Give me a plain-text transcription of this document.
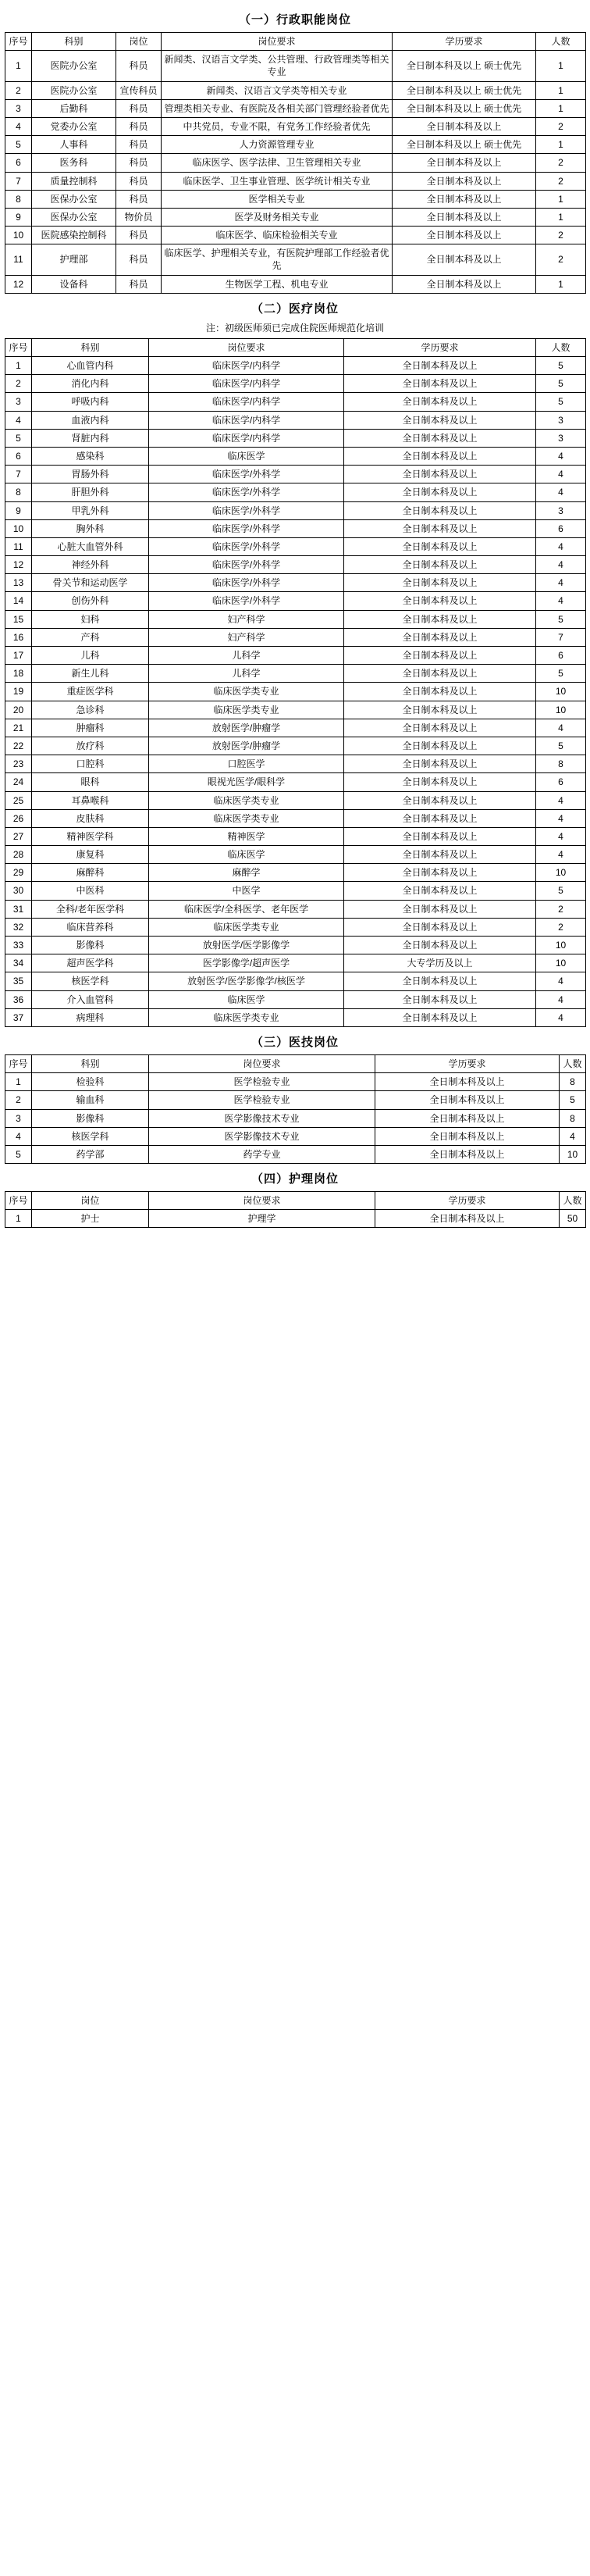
（一）行政职能岗位
序号	科别	岗位	岗位要求	学历要求	人数
1	医院办公室	科员	新闻类、汉语言文学类、公共管理、行政管理类等相关专业	全日制本科及以上 硕士优先	1
2	医院办公室	宣传科员	新闻类、汉语言文学类等相关专业	全日制本科及以上 硕士优先	1
3	后勤科	科员	管理类相关专业、有医院及各相关部门管理经验者优先	全日制本科及以上 硕士优先	1
4	党委办公室	科员	中共党员，专业不限，有党务工作经验者优先	全日制本科及以上	2
5	人事科	科员	人力资源管理专业	全日制本科及以上 硕士优先	1
6	医务科	科员	临床医学、医学法律、卫生管理相关专业	全日制本科及以上	2
7	质量控制科	科员	临床医学、卫生事业管理、医学统计相关专业	全日制本科及以上	2
8	医保办公室	科员	医学相关专业	全日制本科及以上	1
9	医保办公室	物价员	医学及财务相关专业	全日制本科及以上	1
10	医院感染控制科	科员	临床医学、临床检验相关专业	全日制本科及以上	2
11	护理部	科员	临床医学、护理相关专业，有医院护理部工作经验者优先	全日制本科及以上	2
12	设备科	科员	生物医学工程、机电专业	全日制本科及以上	1
（二）医疗岗位
注：初级医师须已完成住院医师规范化培训
序号	科别	岗位要求	学历要求	人数
1	心血管内科	临床医学/内科学	全日制本科及以上	5
2	消化内科	临床医学/内科学	全日制本科及以上	5
3	呼吸内科	临床医学/内科学	全日制本科及以上	5
4	血液内科	临床医学/内科学	全日制本科及以上	3
5	肾脏内科	临床医学/内科学	全日制本科及以上	3
6	感染科	临床医学	全日制本科及以上	4
7	胃肠外科	临床医学/外科学	全日制本科及以上	4
8	肝胆外科	临床医学/外科学	全日制本科及以上	4
9	甲乳外科	临床医学/外科学	全日制本科及以上	3
10	胸外科	临床医学/外科学	全日制本科及以上	6
11	心脏大血管外科	临床医学/外科学	全日制本科及以上	4
12	神经外科	临床医学/外科学	全日制本科及以上	4
13	骨关节和运动医学	临床医学/外科学	全日制本科及以上	4
14	创伤外科	临床医学/外科学	全日制本科及以上	4
15	妇科	妇产科学	全日制本科及以上	5
16	产科	妇产科学	全日制本科及以上	7
17	儿科	儿科学	全日制本科及以上	6
18	新生儿科	儿科学	全日制本科及以上	5
19	重症医学科	临床医学类专业	全日制本科及以上	10
20	急诊科	临床医学类专业	全日制本科及以上	10
21	肿瘤科	放射医学/肿瘤学	全日制本科及以上	4
22	放疗科	放射医学/肿瘤学	全日制本科及以上	5
23	口腔科	口腔医学	全日制本科及以上	8
24	眼科	眼视光医学/眼科学	全日制本科及以上	6
25	耳鼻喉科	临床医学类专业	全日制本科及以上	4
26	皮肤科	临床医学类专业	全日制本科及以上	4
27	精神医学科	精神医学	全日制本科及以上	4
28	康复科	临床医学	全日制本科及以上	4
29	麻醉科	麻醉学	全日制本科及以上	10
30	中医科	中医学	全日制本科及以上	5
31	全科/老年医学科	临床医学/全科医学、老年医学	全日制本科及以上	2
32	临床营养科	临床医学类专业	全日制本科及以上	2
33	影像科	放射医学/医学影像学	全日制本科及以上	10
34	超声医学科	医学影像学/超声医学	大专学历及以上	10
35	核医学科	放射医学/医学影像学/核医学	全日制本科及以上	4
36	介入血管科	临床医学	全日制本科及以上	4
37	病理科	临床医学类专业	全日制本科及以上	4
（三）医技岗位
序号	科别	岗位要求	学历要求	人数
1	检验科	医学检验专业	全日制本科及以上	8
2	输血科	医学检验专业	全日制本科及以上	5
3	影像科	医学影像技术专业	全日制本科及以上	8
4	核医学科	医学影像技术专业	全日制本科及以上	4
5	药学部	药学专业	全日制本科及以上	10
（四）护理岗位
序号	岗位	岗位要求	学历要求	人数
1	护士	护理学	全日制本科及以上	50
